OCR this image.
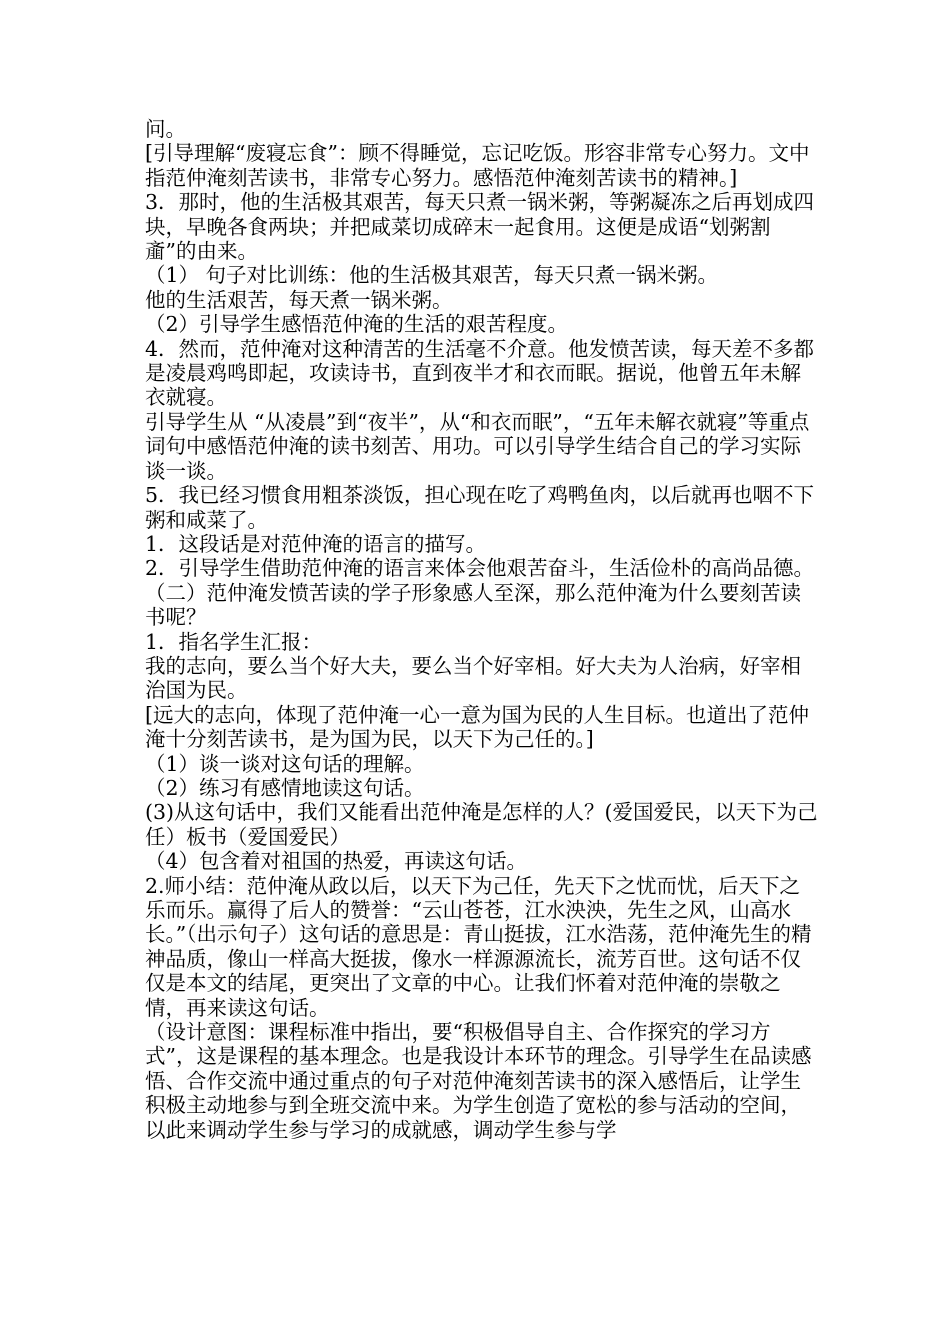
问。

[引导理解“废寝忘食”：顾不得睡觉，忘记吃饭。形容非常专心努力。文中指范仲淹刻苦读书，非常专心努力。感悟范仲淹刻苦读书的精神。]

3．那时，他的生活极其艰苦，每天只煮一锅米粥，等粥凝冻之后再划成四块，早晚各食两块；并把咸菜切成碎末一起食用。这便是成语“划粥割齑”的由来。

（1） 句子对比训练：他的生活极其艰苦，每天只煮一锅米粥。

他的生活艰苦，每天煮一锅米粥。

（2）引导学生感悟范仲淹的生活的艰苦程度。

4．然而，范仲淹对这种清苦的生活毫不介意。他发愤苦读，每天差不多都是凌晨鸡鸣即起，攻读诗书，直到夜半才和衣而眠。据说，他曾五年未解衣就寝。

引导学生从 “从凌晨”到“夜半”，从“和衣而眠”，“五年未解衣就寝”等重点词句中感悟范仲淹的读书刻苦、用功。可以引导学生结合自己的学习实际谈一谈。

5．我已经习惯食用粗茶淡饭，担心现在吃了鸡鸭鱼肉，以后就再也咽不下粥和咸菜了。

1．这段话是对范仲淹的语言的描写。

2．引导学生借助范仲淹的语言来体会他艰苦奋斗，生活俭朴的高尚品德。

（二）范仲淹发愤苦读的学子形象感人至深，那么范仲淹为什么要刻苦读书呢？

1．指名学生汇报：

我的志向，要么当个好大夫，要么当个好宰相。好大夫为人治病，好宰相治国为民。

[远大的志向，体现了范仲淹一心一意为国为民的人生目标。也道出了范仲淹十分刻苦读书，是为国为民，以天下为己任的。]

（1）谈一谈对这句话的理解。

（2）练习有感情地读这句话。

(3)从这句话中，我们又能看出范仲淹是怎样的人？(爱国爱民，以天下为己任）板书（爱国爱民）

（4）包含着对祖国的热爱，再读这句话。

2.师小结：范仲淹从政以后，以天下为己任，先天下之忧而忧，后天下之乐而乐。赢得了后人的赞誉：“云山苍苍，江水泱泱，先生之风，山高水长。”（出示句子）这句话的意思是：青山挺拔，江水浩荡，范仲淹先生的精神品质，像山一样高大挺拔，像水一样源源流长，流芳百世。这句话不仅仅是本文的结尾，更突出了文章的中心。让我们怀着对范仲淹的崇敬之情，再来读这句话。

（设计意图：课程标准中指出，要“积极倡导自主、合作探究的学习方式”，这是课程的基本理念。也是我设计本环节的理念。引导学生在品读感悟、合作交流中通过重点的句子对范仲淹刻苦读书的深入感悟后，让学生积极主动地参与到全班交流中来。为学生创造了宽松的参与活动的空间，以此来调动学生参与学习的成就感，调动学生参与学
